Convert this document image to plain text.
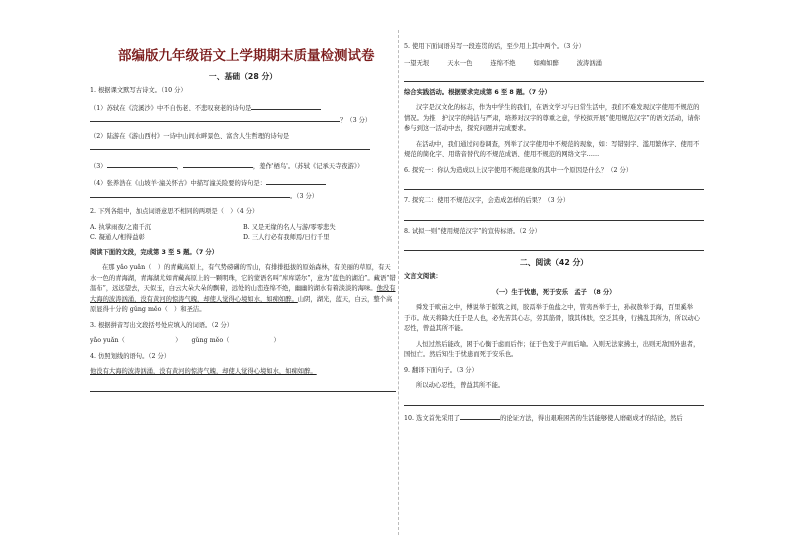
部编版九年级语文上学期期末质量检测试卷
一、基础（28 分）
1. 根据课文默写古诗文。（10 分）
（1）苏轼在《浣溪沙》中不自伤老、不悲叹衰老的诗句是
？（3 分）
（2）陆游在《游山西村》一诗中山间水畔景色、富含人生哲理的诗句是

（3）	，	，羞作'栖鸟'。（苏轼《记承天寺夜游》）
（4）张养浩在《山坡羊·潼关怀古》中描写潼关险要的诗句是：
。（3 分）
2. 下列各组中，加点词语意思不相同的两项是（　）（4 分）
A. 执掌雨夜/之南千沉	B. 又是无缘的名人与游/零零悲失
C. 凝通人/相得益彰	D. 三人行必有我师焉/日行千里
阅读下面的文段，完成第 3 至 5 题。（7 分）
在那 yǎo yuǎn（　）的青藏高原上，有气势磅礴的雪山，有排排挺拔的原始森林，有美丽的草原，有天水一色的青海湖，青海湖尤如青藏高原上的一颗明珠，它的蒙语名叫“库库诺尔”，意为“蓝色的湖泊”。藏语“错温布”，远远望去，天似玉，白云大朵大朵的飘着，远处的山峦连绵不绝，幽幽的湖水有着淡淡的海味。他没有大海的波涛汹涌，没有黄河的惊涛气魄，却使人觉得心境如水，如痴如醉。山阴，湖光，蓝天，白云，整个高原显得十分的 gǔng měo（　）和圣洁。
3. 根据拼音写出文段括号处应填入的词语。（2 分）
yǎo yuǎn（　　　　　　　　） gǔng měo（　　　　　　　）
4. 仿照划线的语句。（2 分）
他没有大海的波涛汹涌，没有黄河的惊涛气魄，却使人觉得心境如水，如痴如醉。
5. 使用下面词语另写一段连贯的话，至少用上其中两个。（3 分）
一望无垠	天水一色	连绵不绝	如痴如醉	波涛汹涌
综合实践活动。根据要求完成第 6 至 8 题。（7 分）
汉字是汉文化的标志，作为中学生的我们，在语文学习与日常生活中，我们不难发现汉字使用不规范的情况。为推　护汉字的纯洁与严肃，培养对汉字的尊重之意，学校拟开展“使用规范汉字”的语文活动，请你参与到这一活动中去，探究问题并完成要求。
在活动中，我们通过问卷调查，列举了汉字使用中不规范的现象，如：写错别字、滥用繁体字、使用不规范的简化字、用谐音替代的不规范成语、使用不规范的网络文字……
6. 探究一：你认为造成以上汉字使用不规范现象的其中一个原因是什么？（2 分）
7. 探究二：使用不规范汉字，会造成怎样的后果？（3 分）
8. 试拟一则“使用规范汉字”的宣传标语。（2 分）
二、阅读（42 分）
文言文阅读：
（一）生于忧患，死于安乐　孟子　（8 分）
舜发于畎亩之中，傅说举于版筑之间，胶鬲举于鱼盐之中，管夷吾举于士，孙叔敖举于海，百里奚举　于市。故天将降大任于是人也，必先苦其心志，劳其筋骨，饿其体肤，空乏其身，行拂乱其所为，所以动心忍性，曾益其所不能。
人恒过然后能改，困于心衡于虑而后作；征于色发于声而后喻。入则无法家拂士，出则无敌国外患者，　国恒亡。然后知生于忧患而死于安乐也。
9. 翻译下面句子。（3 分）
所以动心忍性，曾益其所不能。
10. 选文首先采用了	的论证方法，得出艰难困苦的生活能够使人磨砺成才的结论，然后
